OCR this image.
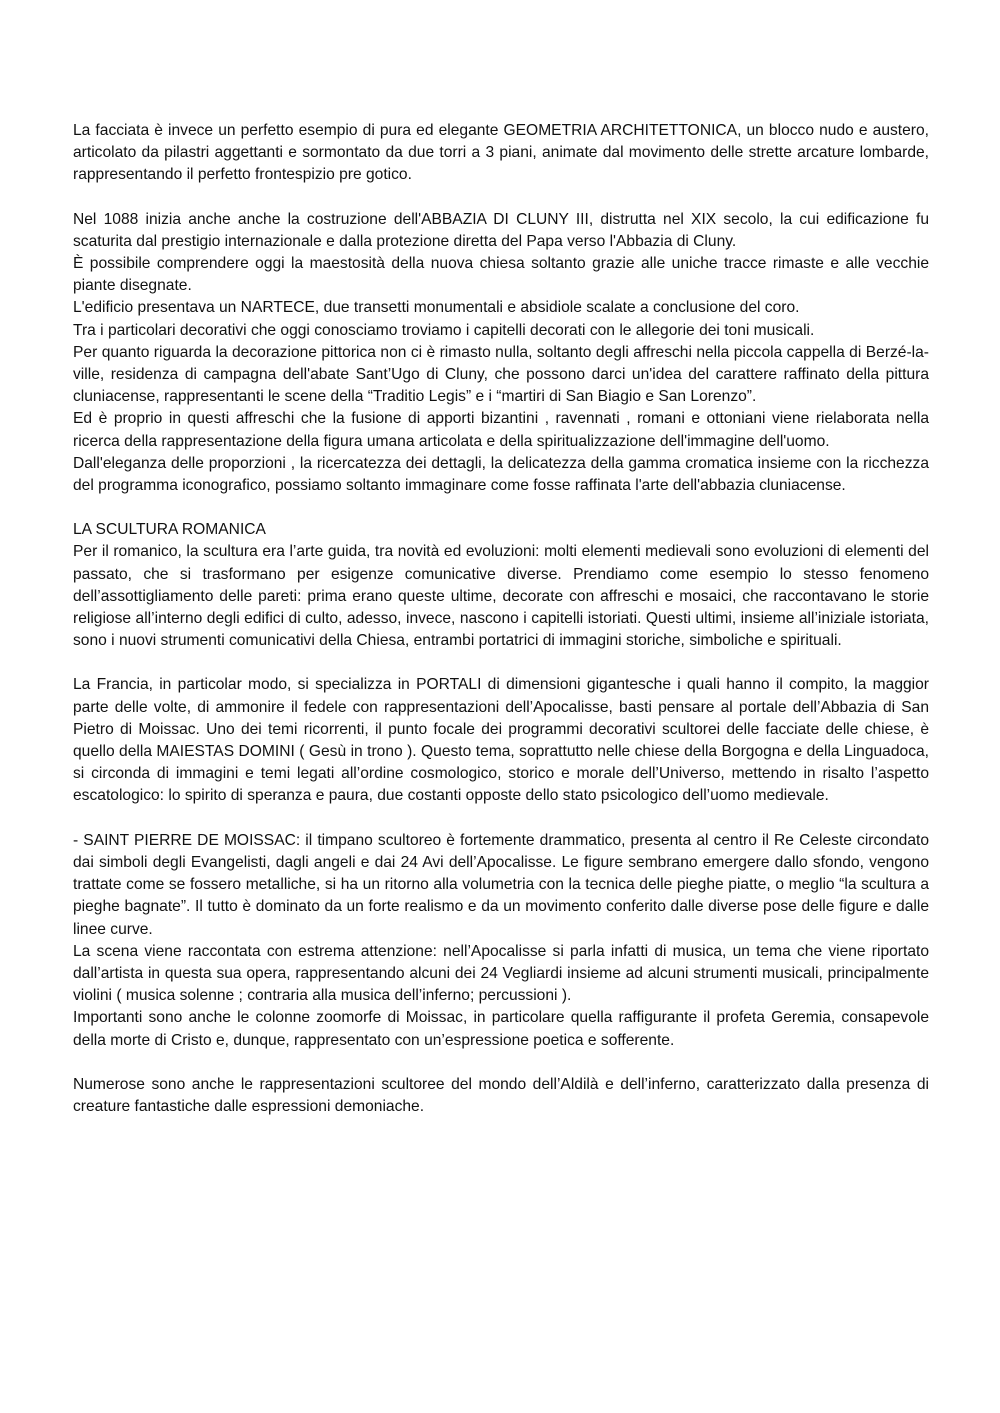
La facciata è invece un perfetto esempio di pura ed elegante GEOMETRIA ARCHITETTONICA, un blocco nudo e austero, articolato da pilastri aggettanti e sormontato da due torri a 3 piani, animate dal movimento delle strette arcature lombarde, rappresentando il perfetto frontespizio pre gotico.

Nel 1088 inizia anche anche la costruzione dell'ABBAZIA DI CLUNY III, distrutta nel XIX secolo, la cui edificazione fu scaturita dal prestigio internazionale e dalla protezione diretta del Papa verso l'Abbazia di Cluny.

È possibile comprendere oggi la maestosità della nuova chiesa soltanto grazie alle uniche tracce rimaste e alle vecchie piante disegnate.

L'edificio presentava un NARTECE, due transetti monumentali e absidiole scalate a conclusione del coro.

Tra i particolari decorativi che oggi conosciamo troviamo i capitelli decorati con le allegorie dei toni musicali.

Per quanto riguarda la decorazione pittorica non ci è rimasto nulla, soltanto degli affreschi nella piccola cappella di Berzé-la-ville, residenza di campagna dell'abate Sant’Ugo di Cluny, che possono darci un'idea del carattere raffinato della pittura cluniacense, rappresentanti le scene della “Traditio Legis” e i “martiri di San Biagio e San Lorenzo”.

Ed è proprio in questi affreschi che la fusione di apporti bizantini , ravennati , romani e ottoniani viene rielaborata nella ricerca della rappresentazione della figura umana articolata e della spiritualizzazione dell'immagine dell'uomo.

Dall'eleganza delle proporzioni , la ricercatezza dei dettagli, la delicatezza della gamma cromatica insieme con la ricchezza del programma iconografico, possiamo soltanto immaginare come fosse raffinata l'arte dell'abbazia cluniacense.

LA SCULTURA ROMANICA

Per il romanico, la scultura era l’arte guida, tra novità ed evoluzioni: molti elementi medievali sono evoluzioni di elementi del passato, che si trasformano per esigenze comunicative diverse. Prendiamo come esempio lo stesso fenomeno dell’assottigliamento delle pareti: prima erano queste ultime, decorate con affreschi e mosaici, che raccontavano le storie religiose all’interno degli edifici di culto, adesso, invece, nascono i capitelli istoriati. Questi ultimi, insieme all’iniziale istoriata, sono i nuovi strumenti comunicativi della Chiesa, entrambi portatrici di immagini storiche, simboliche e spirituali.

La Francia, in particolar modo, si specializza in PORTALI di dimensioni gigantesche i quali hanno il compito, la maggior parte delle volte, di ammonire il fedele con rappresentazioni dell’Apocalisse, basti pensare al portale dell’Abbazia di San Pietro di Moissac. Uno dei temi ricorrenti, il punto focale dei programmi decorativi scultorei delle facciate delle chiese, è quello della MAIESTAS DOMINI ( Gesù in trono ). Questo tema, soprattutto nelle chiese della Borgogna e della Linguadoca, si circonda di immagini e temi legati all’ordine cosmologico, storico e morale dell’Universo, mettendo in risalto l’aspetto escatologico: lo spirito di speranza e paura, due costanti opposte dello stato psicologico dell’uomo medievale.

- SAINT PIERRE DE MOISSAC: il timpano scultoreo è fortemente drammatico, presenta al centro il Re Celeste circondato dai simboli degli Evangelisti, dagli angeli e dai 24 Avi dell’Apocalisse. Le figure sembrano emergere dallo sfondo, vengono trattate come se fossero metalliche, si ha un ritorno alla volumetria con la tecnica delle pieghe piatte, o meglio “la scultura a pieghe bagnate”. Il tutto è dominato da un forte realismo e da un movimento conferito dalle diverse pose delle figure e dalle linee curve.

La scena viene raccontata con estrema attenzione: nell’Apocalisse si parla infatti di musica, un tema che viene riportato dall’artista in questa sua opera, rappresentando alcuni dei 24 Vegliardi insieme ad alcuni strumenti musicali, principalmente violini ( musica solenne ; contraria alla musica dell’inferno; percussioni ).

Importanti sono anche le colonne zoomorfe di Moissac, in particolare quella raffigurante il profeta Geremia, consapevole della morte di Cristo e, dunque, rappresentato con un’espressione poetica e sofferente.

Numerose sono anche le rappresentazioni scultoree del mondo dell’Aldilà e dell’inferno, caratterizzato dalla presenza di creature fantastiche dalle espressioni demoniache.
